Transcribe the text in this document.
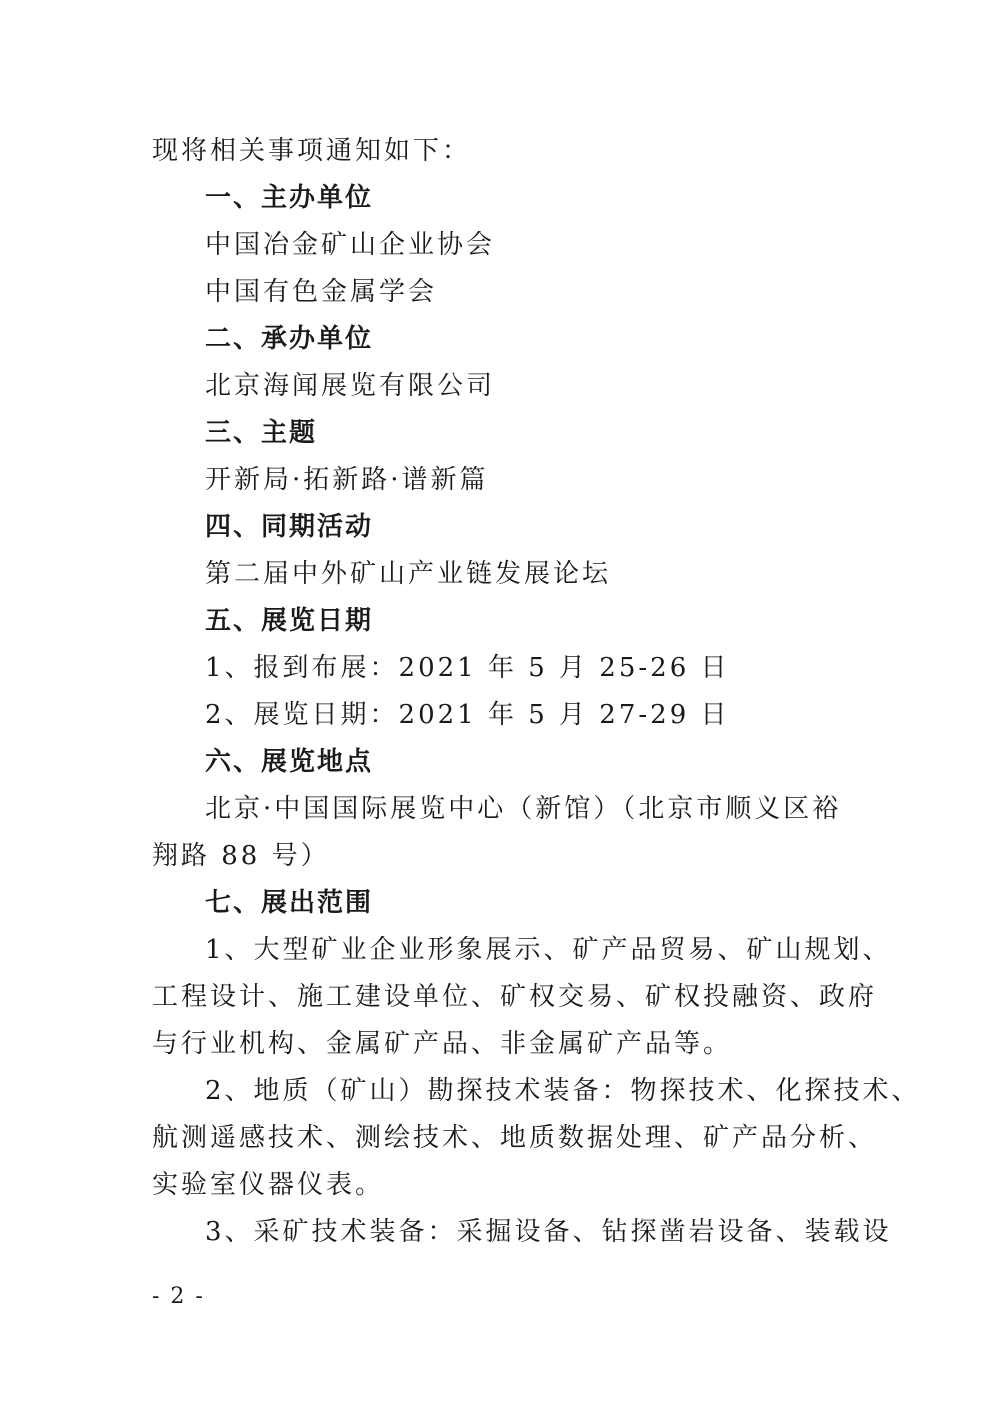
现将相关事项通知如下：
一、主办单位
中国冶金矿山企业协会
中国有色金属学会
二、承办单位
北京海闻展览有限公司
三、主题
开新局·拓新路·谱新篇
四、同期活动
第二届中外矿山产业链发展论坛
五、展览日期
1、报到布展：2021 年 5 月 25-26 日
2、展览日期：2021 年 5 月 27-29 日
六、展览地点
北京·中国国际展览中心（新馆）（北京市顺义区裕
翔路 88 号）
七、展出范围
1、大型矿业企业形象展示、矿产品贸易、矿山规划、
工程设计、施工建设单位、矿权交易、矿权投融资、政府
与行业机构、金属矿产品、非金属矿产品等。
2、地质（矿山）勘探技术装备：物探技术、化探技术、
航测遥感技术、测绘技术、地质数据处理、矿产品分析、
实验室仪器仪表。
3、采矿技术装备：采掘设备、钻探凿岩设备、装载设
- 2 -
